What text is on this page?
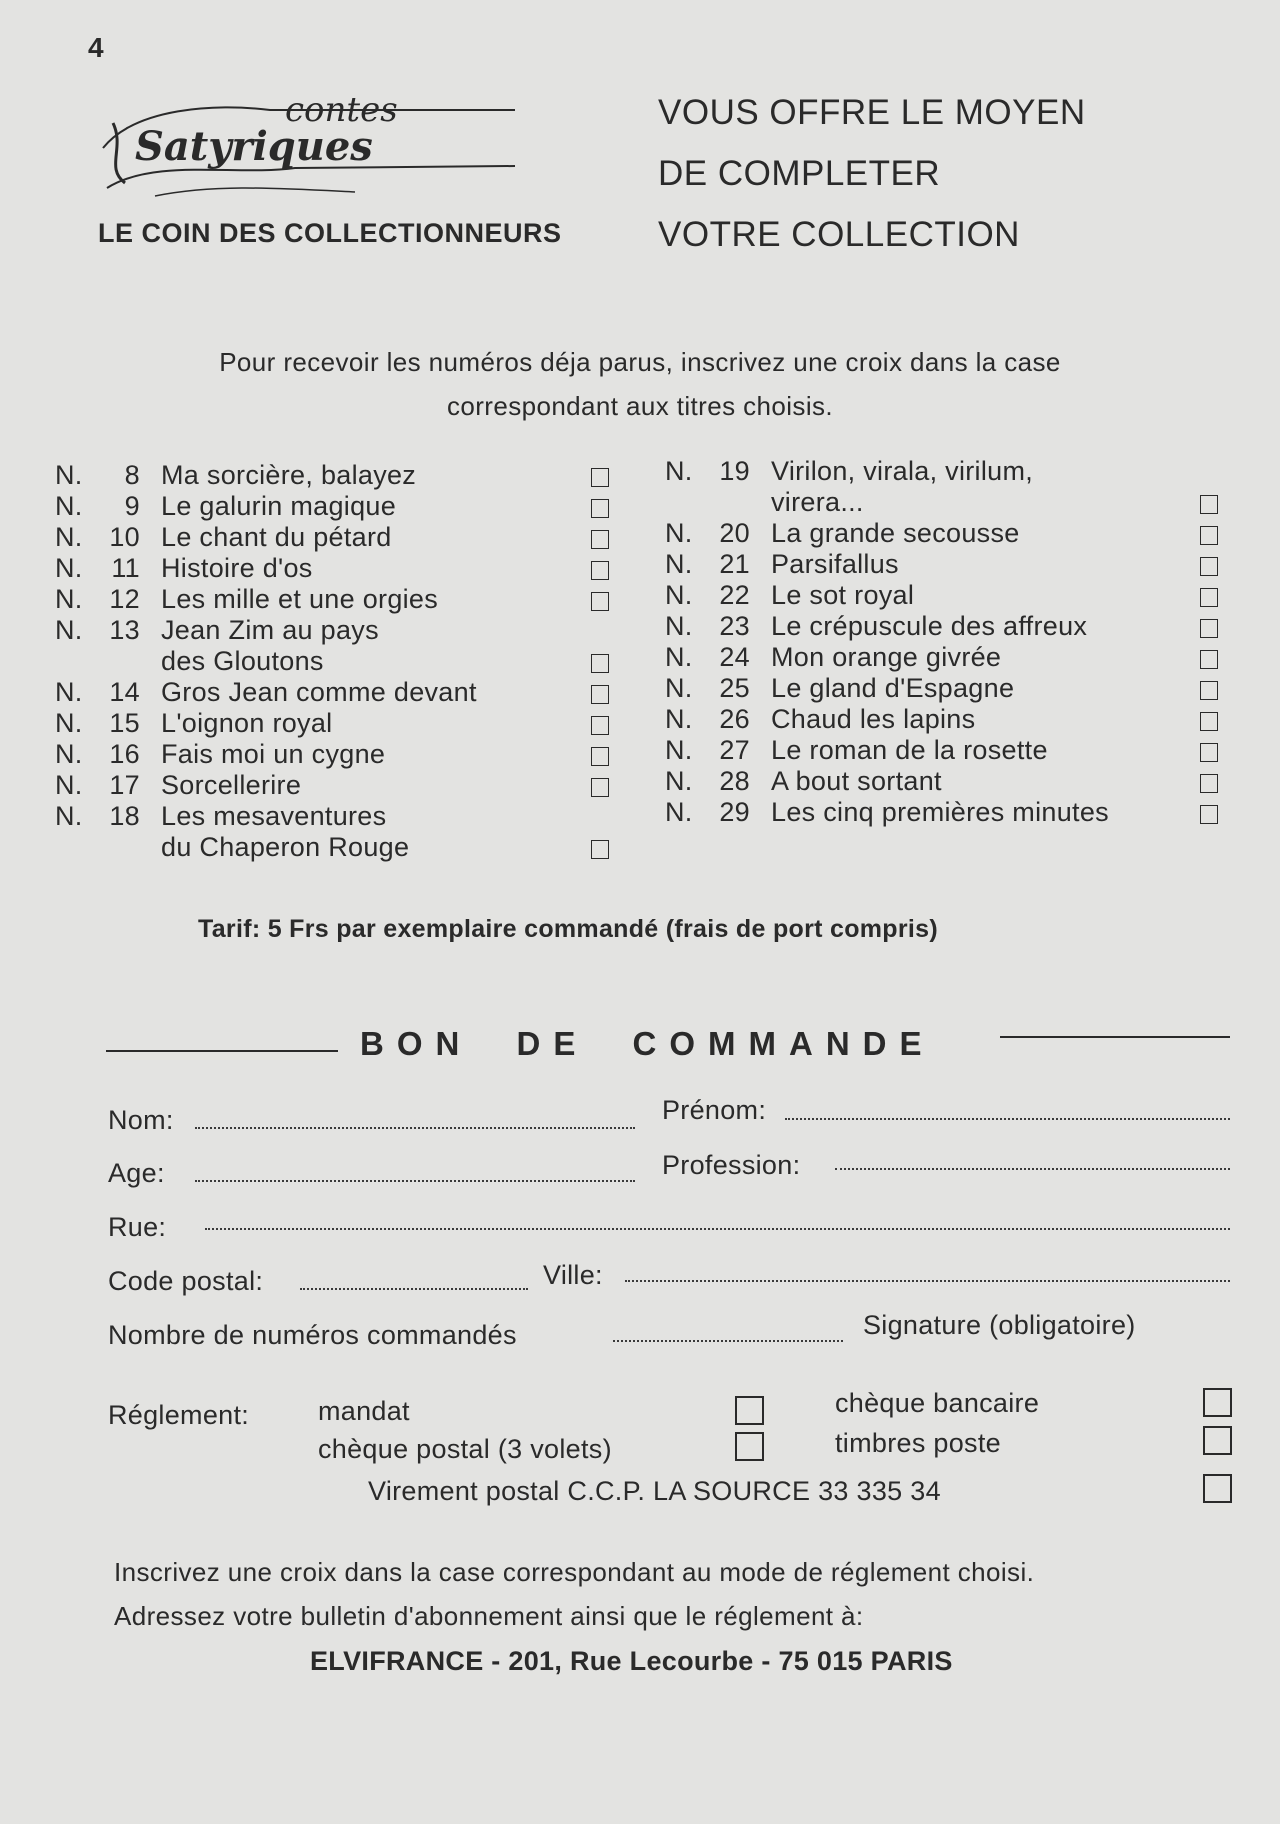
4
contes
Satyriques
LE COIN DES COLLECTIONNEURS
VOUS OFFRE LE MOYEN
DE COMPLETER
VOTRE COLLECTION
Pour recevoir les numéros déja parus, inscrivez une croix dans la case
correspondant aux titres choisis.
N. 8 Ma sorcière, balayez
N. 9 Le galurin magique
N. 10 Le chant du pétard
N. 11 Histoire d'os
N. 12 Les mille et une orgies
N. 13 Jean Zim au pays
des Gloutons
N. 14 Gros Jean comme devant
N. 15 L'oignon royal
N. 16 Fais moi un cygne
N. 17 Sorcellerire
N. 18 Les mesaventures
du Chaperon Rouge
N. 19 Virilon, virala, virilum,
virera...
N. 20 La grande secousse
N. 21 Parsifallus
N. 22 Le sot royal
N. 23 Le crépuscule des affreux
N. 24 Mon orange givrée
N. 25 Le gland d'Espagne
N. 26 Chaud les lapins
N. 27 Le roman de la rosette
N. 28 A bout sortant
N. 29 Les cinq premières minutes
Tarif: 5 Frs par exemplaire commandé (frais de port compris)
BON DE COMMANDE
Nom:	Prénom:
Age:	Profession:
Rue:
Code postal:	Ville:
Nombre de numéros commandés	Signature (obligatoire)
Réglement:	mandat	chèque bancaire
chèque postal (3 volets)	timbres poste
Virement postal C.C.P. LA SOURCE 33 335 34
Inscrivez une croix dans la case correspondant au mode de réglement choisi.
Adressez votre bulletin d'abonnement ainsi que le réglement à:
ELVIFRANCE - 201, Rue Lecourbe - 75 015 PARIS
